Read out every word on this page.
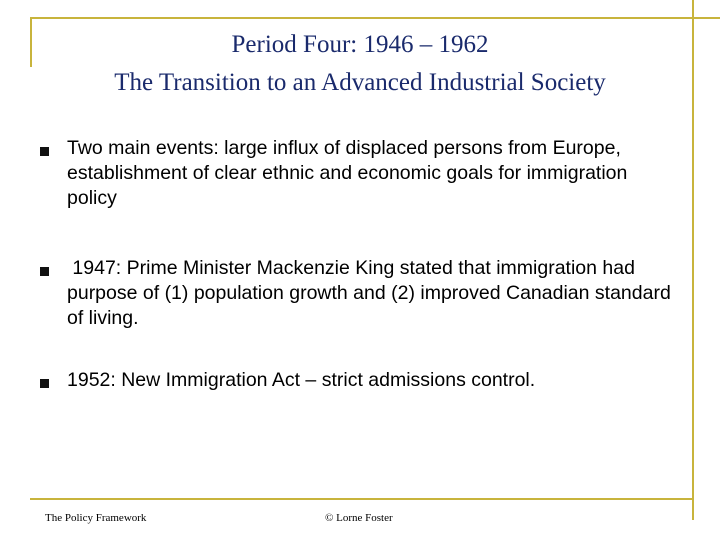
Period Four: 1946 – 1962
The Transition to an Advanced Industrial Society
Two main events: large influx of displaced persons from Europe, establishment of clear ethnic and economic goals for immigration policy
1947: Prime Minister Mackenzie King stated that immigration had purpose of (1) population growth and (2) improved Canadian standard of living.
1952: New Immigration Act – strict admissions control.
The Policy Framework	© Lorne Foster
